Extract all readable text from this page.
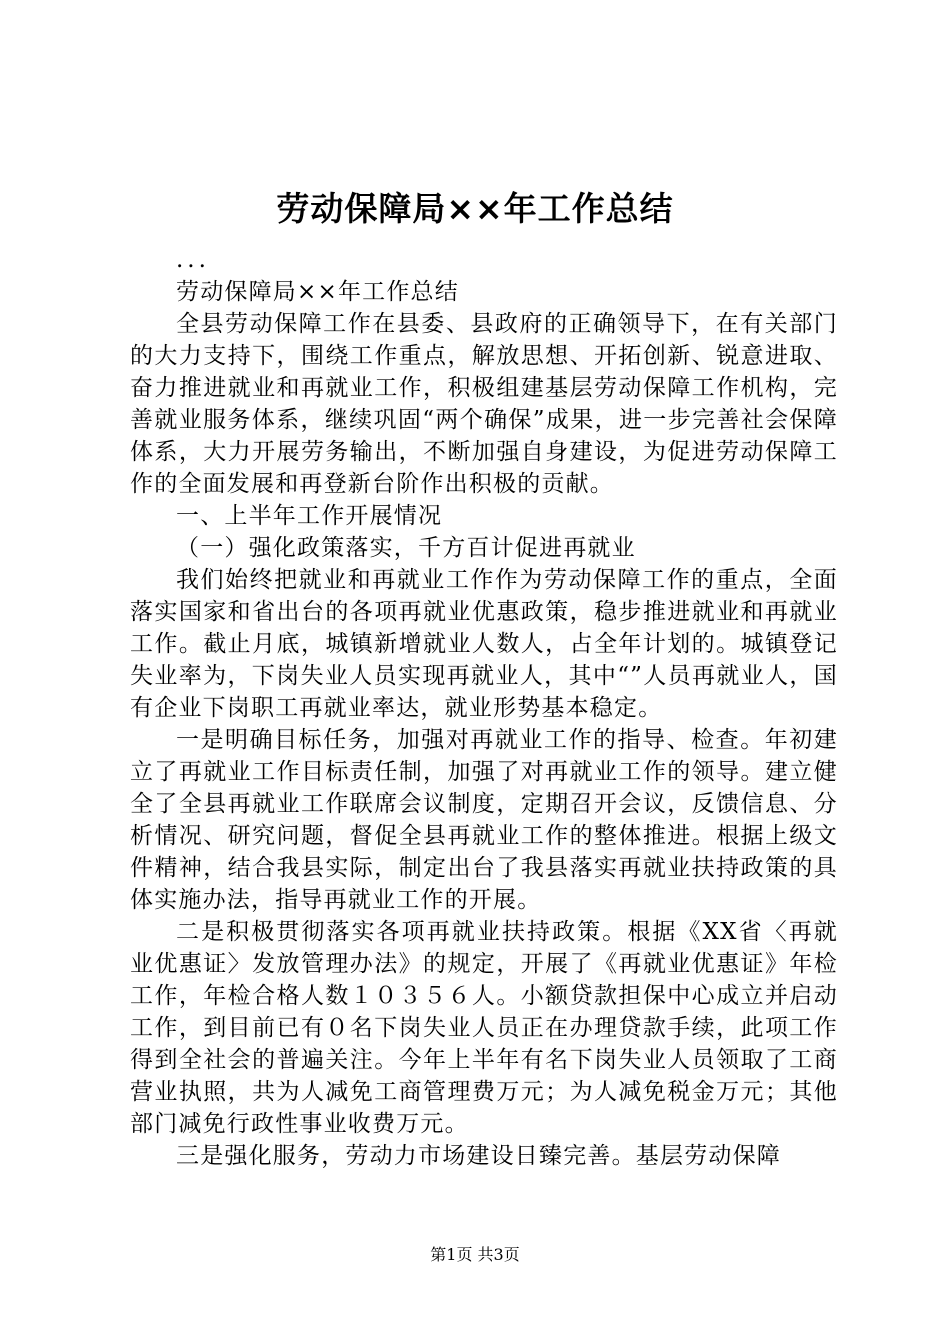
劳动保障局××年工作总结

...

劳动保障局××年工作总结

全县劳动保障工作在县委、县政府的正确领导下，在有关部门的大力支持下，围绕工作重点，解放思想、开拓创新、锐意进取、奋力推进就业和再就业工作，积极组建基层劳动保障工作机构，完善就业服务体系，继续巩固“两个确保”成果，进一步完善社会保障体系，大力开展劳务输出，不断加强自身建设，为促进劳动保障工作的全面发展和再登新台阶作出积极的贡献。

一、上半年工作开展情况

（一）强化政策落实，千方百计促进再就业

我们始终把就业和再就业工作作为劳动保障工作的重点，全面落实国家和省出台的各项再就业优惠政策，稳步推进就业和再就业工作。截止月底，城镇新增就业人数人，占全年计划的。城镇登记失业率为，下岗失业人员实现再就业人，其中“”人员再就业人，国有企业下岗职工再就业率达，就业形势基本稳定。

一是明确目标任务，加强对再就业工作的指导、检查。年初建立了再就业工作目标责任制，加强了对再就业工作的领导。建立健全了全县再就业工作联席会议制度，定期召开会议，反馈信息、分析情况、研究问题，督促全县再就业工作的整体推进。根据上级文件精神，结合我县实际，制定出台了我县落实再就业扶持政策的具体实施办法，指导再就业工作的开展。

二是积极贯彻落实各项再就业扶持政策。根据《XX省〈再就业优惠证〉发放管理办法》的规定，开展了《再就业优惠证》年检工作，年检合格人数１０３５６人。小额贷款担保中心成立并启动工作，到目前已有０名下岗失业人员正在办理贷款手续，此项工作得到全社会的普遍关注。今年上半年有名下岗失业人员领取了工商营业执照，共为人减免工商管理费万元；为人减免税金万元；其他部门减免行政性事业收费万元。

三是强化服务，劳动力市场建设日臻完善。基层劳动保障

第1页 共3页
